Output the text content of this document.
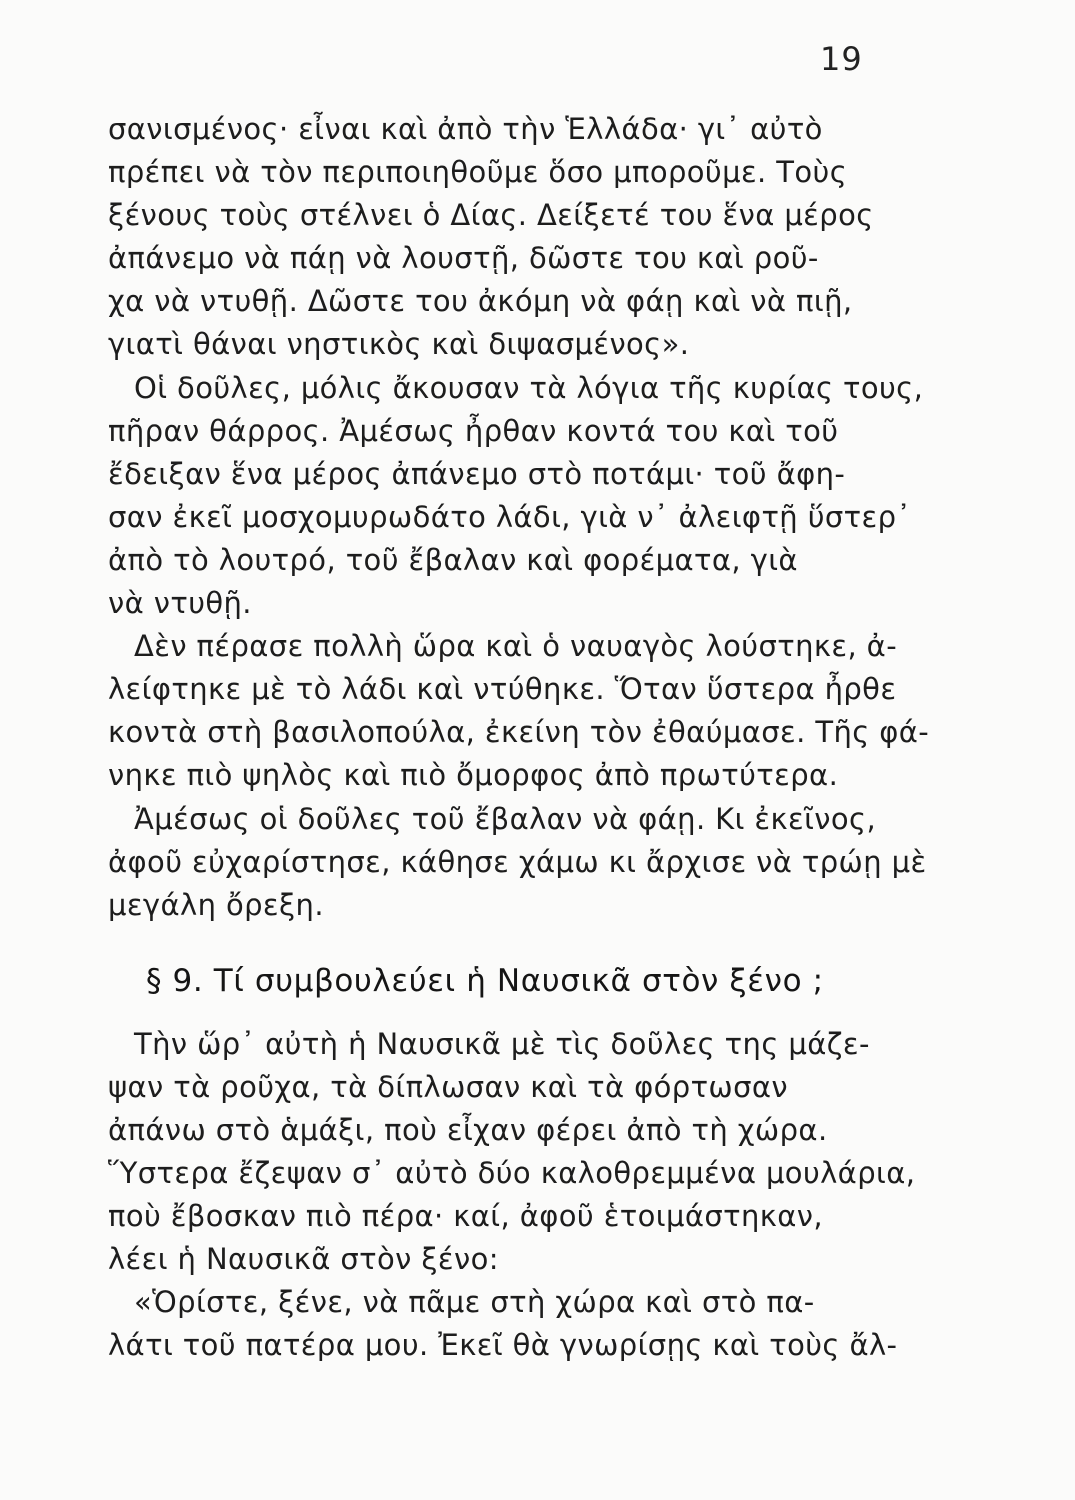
19
σανισμένος· εἶναι καὶ ἀπὸ τὴν Ἑλλάδα· γι᾽ αὐτὸ
πρέπει νὰ τὸν περιποιηθοῦμε ὅσο μποροῦμε. Τοὺς
ξένους τοὺς στέλνει ὁ Δίας. Δείξετέ του ἕνα μέρος
ἀπάνεμο νὰ πάῃ νὰ λουστῇ, δῶστε του καὶ ροῦ-
χα νὰ ντυθῇ. Δῶστε του ἀκόμη νὰ φάῃ καὶ νὰ πιῇ,
γιατὶ θάναι νηστικὸς καὶ διψασμένος».
Οἱ δοῦλες, μόλις ἄκουσαν τὰ λόγια τῆς κυρίας τους,
πῆραν θάρρος. Ἀμέσως ἦρθαν κοντά του καὶ τοῦ
ἔδειξαν ἕνα μέρος ἀπάνεμο στὸ ποτάμι· τοῦ ἄφη-
σαν ἐκεῖ μοσχομυρωδάτο λάδι, γιὰ ν᾽ ἀλειφτῇ ὕστερ᾽
ἀπὸ τὸ λουτρό, τοῦ ἔβαλαν καὶ φορέματα, γιὰ
νὰ ντυθῇ.
Δὲν πέρασε πολλὴ ὥρα καὶ ὁ ναυαγὸς λούστηκε, ἀ-
λείφτηκε μὲ τὸ λάδι καὶ ντύθηκε. Ὅταν ὕστερα ἦρθε
κοντὰ στὴ βασιλοπούλα, ἐκείνη τὸν ἐθαύμασε. Τῆς φά-
νηκε πιὸ ψηλὸς καὶ πιὸ ὄμορφος ἀπὸ πρωτύτερα.
Ἀμέσως οἱ δοῦλες τοῦ ἔβαλαν νὰ φάῃ. Κι ἐκεῖνος,
ἀφοῦ εὐχαρίστησε, κάθησε χάμω κι ἄρχισε νὰ τρώῃ μὲ
μεγάλη ὄρεξη.
§ 9. Τί συμβουλεύει ἡ Ναυσικᾶ στὸν ξένο ;
Τὴν ὥρ᾽ αὐτὴ ἡ Ναυσικᾶ μὲ τὶς δοῦλες της μάζε-
ψαν τὰ ροῦχα, τὰ δίπλωσαν καὶ τὰ φόρτωσαν
ἀπάνω στὸ ἁμάξι, ποὺ εἶχαν φέρει ἀπὸ τὴ χώρα.
Ὕστερα ἔζεψαν σ᾽ αὐτὸ δύο καλοθρεμμένα μουλάρια,
ποὺ ἔβοσκαν πιὸ πέρα· καί, ἀφοῦ ἑτοιμάστηκαν,
λέει ἡ Ναυσικᾶ στὸν ξένο:
«Ὁρίστε, ξένε, νὰ πᾶμε στὴ χώρα καὶ στὸ πα-
λάτι τοῦ πατέρα μου. Ἐκεῖ θὰ γνωρίσῃς καὶ τοὺς ἄλ-
